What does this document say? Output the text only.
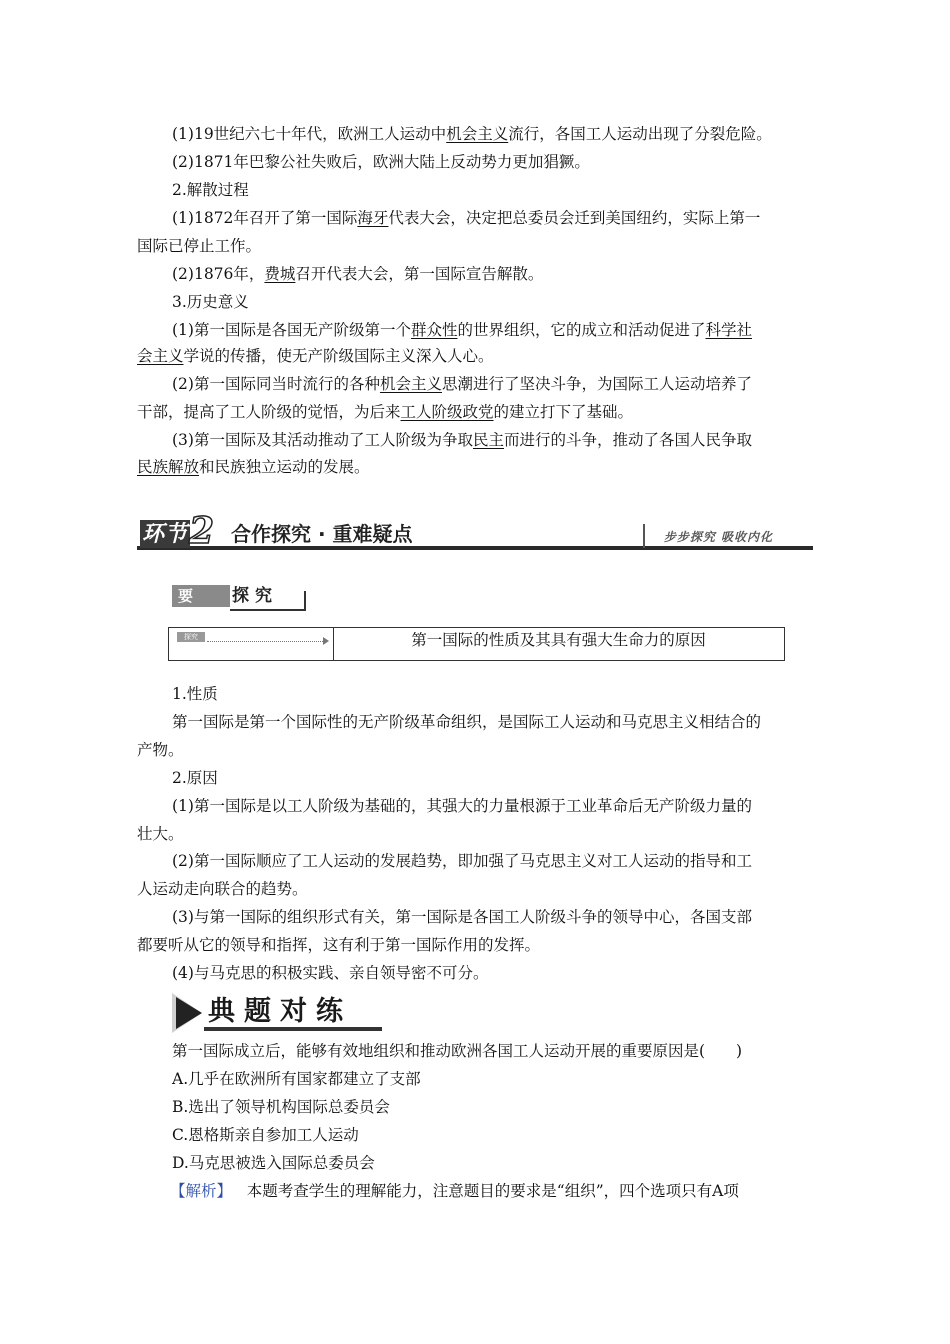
(1)19世纪六七十年代，欧洲工人运动中机会主义流行，各国工人运动出现了分裂危险。
(2)1871年巴黎公社失败后，欧洲大陆上反动势力更加猖獗。
2.解散过程
(1)1872年召开了第一国际海牙代表大会，决定把总委员会迁到美国纽约，实际上第一
国际已停止工作。
(2)1876年，费城召开代表大会，第一国际宣告解散。
3.历史意义
(1)第一国际是各国无产阶级第一个群众性的世界组织，它的成立和活动促进了科学社
会主义学说的传播，使无产阶级国际主义深入人心。
(2)第一国际同当时流行的各种机会主义思潮进行了坚决斗争，为国际工人运动培养了
干部，提高了工人阶级的觉悟，为后来工人阶级政党的建立打下了基础。
(3)第一国际及其活动推动了工人阶级为争取民主而进行的斗争，推动了各国人民争取
民族解放和民族独立运动的发展。
环节 2 合作探究 · 重难疑点	步步探究 吸收内化
要点
探究
探究	第一国际的性质及其具有强大生命力的原因
1.性质
第一国际是第一个国际性的无产阶级革命组织，是国际工人运动和马克思主义相结合的
产物。
2.原因
(1)第一国际是以工人阶级为基础的，其强大的力量根源于工业革命后无产阶级力量的
壮大。
(2)第一国际顺应了工人运动的发展趋势，即加强了马克思主义对工人运动的指导和工
人运动走向联合的趋势。
(3)与第一国际的组织形式有关，第一国际是各国工人阶级斗争的领导中心，各国支部
都要听从它的领导和指挥，这有利于第一国际作用的发挥。
(4)与马克思的积极实践、亲自领导密不可分。
典题对练
第一国际成立后，能够有效地组织和推动欧洲各国工人运动开展的重要原因是(　　)
A.几乎在欧洲所有国家都建立了支部
B.选出了领导机构国际总委员会
C.恩格斯亲自参加工人运动
D.马克思被选入国际总委员会
【解析】 本题考查学生的理解能力，注意题目的要求是“组织”，四个选项只有A项
